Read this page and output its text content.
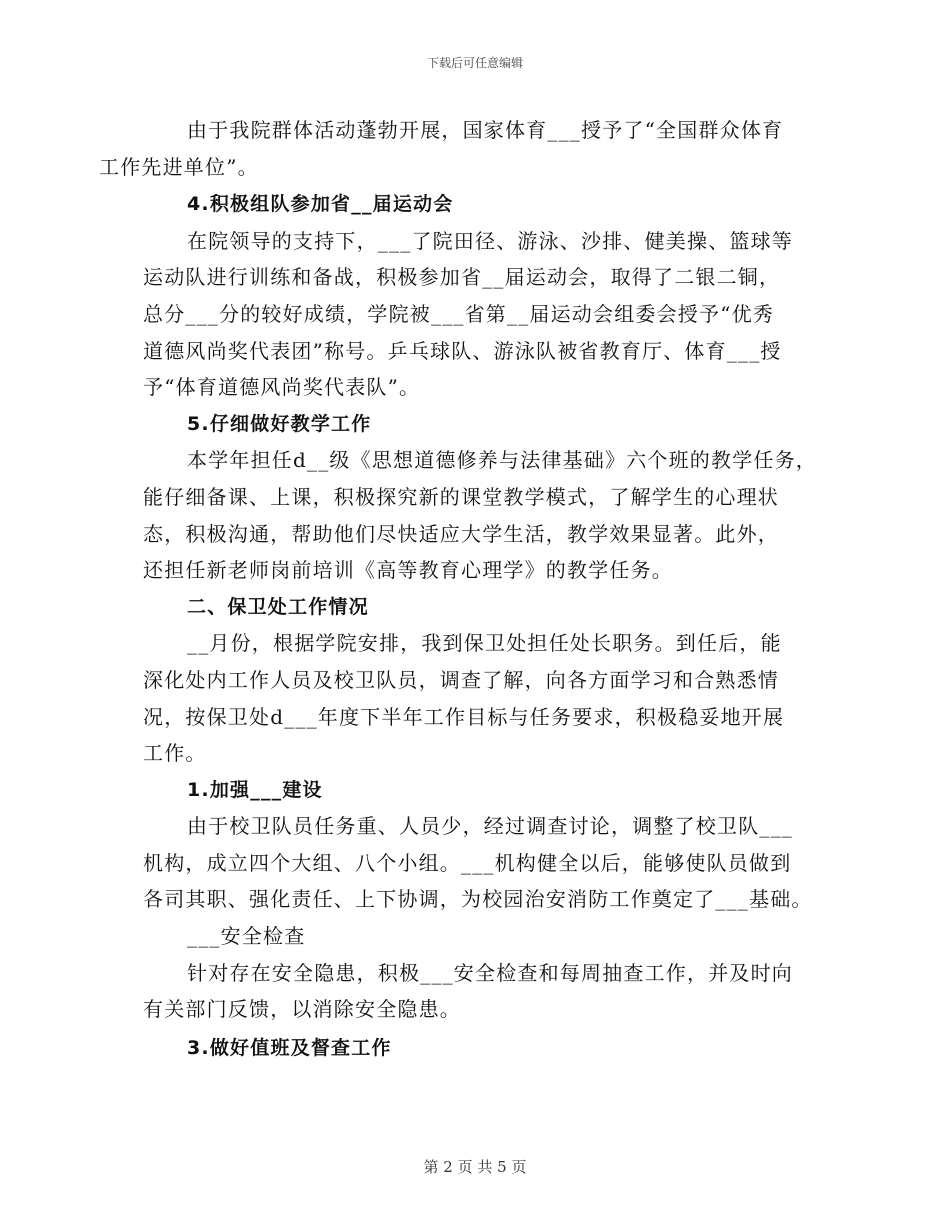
下载后可任意编辑

由于我院群体活动蓬勃开展，国家体育___授予了“全国群众体育
工作先进单位”。

4.积极组队参加省__届运动会

在院领导的支持下，___了院田径、游泳、沙排、健美操、篮球等
运动队进行训练和备战，积极参加省__届运动会，取得了二银二铜，
总分___分的较好成绩，学院被___省第__届运动会组委会授予“优秀
道德风尚奖代表团”称号。乒乓球队、游泳队被省教育厅、体育___授
予“体育道德风尚奖代表队”。

5.仔细做好教学工作

本学年担任d__级《思想道德修养与法律基础》六个班的教学任务，
能仔细备课、上课，积极探究新的课堂教学模式，了解学生的心理状
态，积极沟通，帮助他们尽快适应大学生活，教学效果显著。此外，
还担任新老师岗前培训《高等教育心理学》的教学任务。

二、保卫处工作情况

__月份，根据学院安排，我到保卫处担任处长职务。到任后，能
深化处内工作人员及校卫队员，调查了解，向各方面学习和合熟悉情
况，按保卫处d___年度下半年工作目标与任务要求，积极稳妥地开展
工作。

1.加强___建设

由于校卫队员任务重、人员少，经过调查讨论，调整了校卫队___
机构，成立四个大组、八个小组。___机构健全以后，能够使队员做到
各司其职、强化责任、上下协调，为校园治安消防工作奠定了___基础。

___安全检查

针对存在安全隐患，积极___安全检查和每周抽查工作，并及时向
有关部门反馈，以消除安全隐患。

3.做好值班及督查工作

第 2 页 共 5 页
